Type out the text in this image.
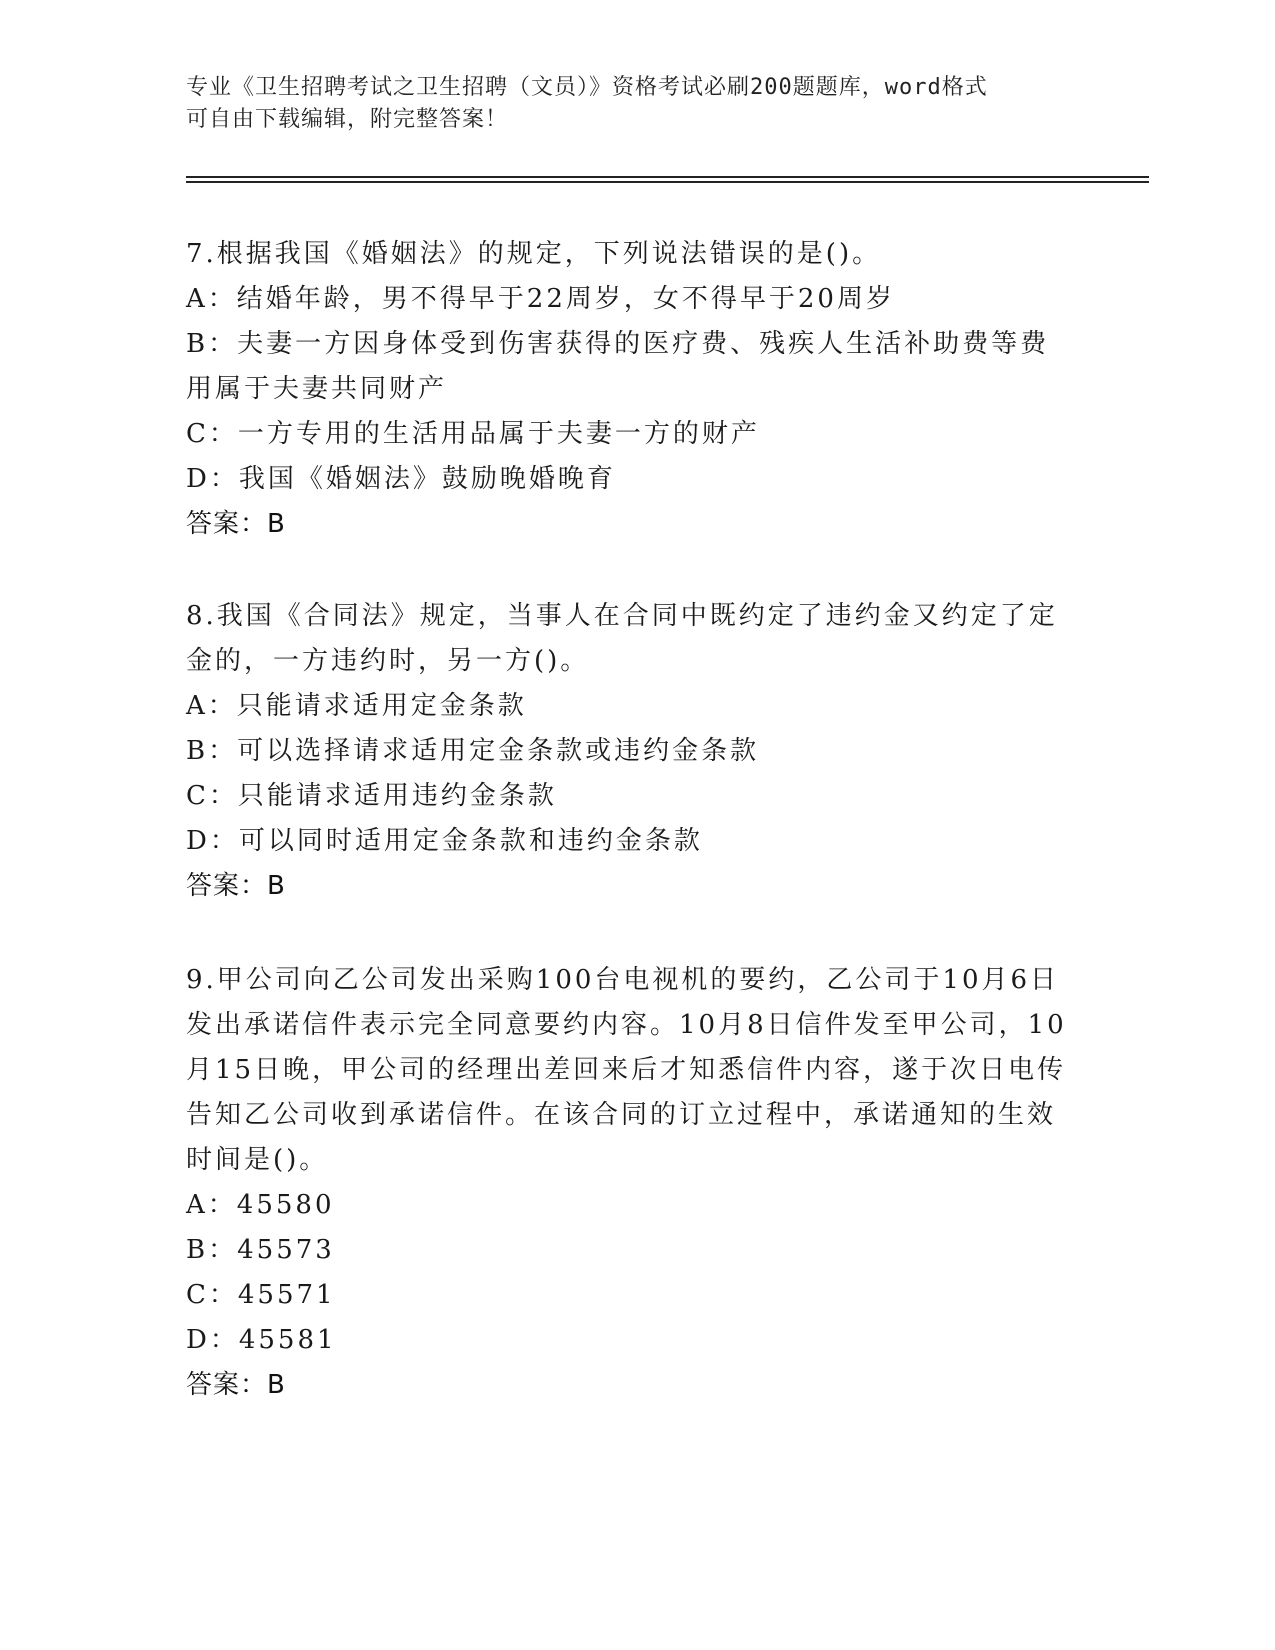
专业《卫生招聘考试之卫生招聘（文员）》资格考试必刷200题题库，word格式
可自由下载编辑，附完整答案！
7.根据我国《婚姻法》的规定，下列说法错误的是()。
A：结婚年龄，男不得早于22周岁，女不得早于20周岁
B：夫妻一方因身体受到伤害获得的医疗费、残疾人生活补助费等费用属于夫妻共同财产
C：一方专用的生活用品属于夫妻一方的财产
D：我国《婚姻法》鼓励晚婚晚育
答案：B
8.我国《合同法》规定，当事人在合同中既约定了违约金又约定了定金的，一方违约时，另一方()。
A：只能请求适用定金条款
B：可以选择请求适用定金条款或违约金条款
C：只能请求适用违约金条款
D：可以同时适用定金条款和违约金条款
答案：B
9.甲公司向乙公司发出采购100台电视机的要约，乙公司于10月6日发出承诺信件表示完全同意要约内容。10月8日信件发至甲公司，10月15日晚，甲公司的经理出差回来后才知悉信件内容，遂于次日电传告知乙公司收到承诺信件。在该合同的订立过程中，承诺通知的生效时间是()。
A：45580
B：45573
C：45571
D：45581
答案：B
